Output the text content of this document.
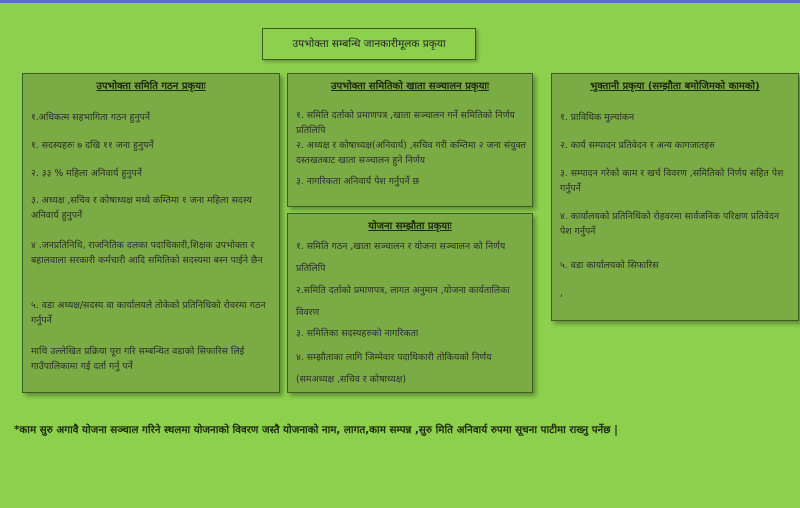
उपभोक्ता सम्बन्धि जानकारीमूलक प्रकृया
उपभोक्ता समिति गठन प्रकृयाः
१.अधिकत्म सहभागिता गठन हुनुपर्ने
१. सदस्यहरुः ७ दखि ११ जना हुनुपर्ने
२. ३३ % महिला अनिवार्य हुनुपर्ने
३. अध्यक्ष ,सचिव र कोषाध्यक्ष मध्ये कम्तिमा १ जना महिला सदस्य अनिवार्य हुनुपर्ने
४ .जनप्रतिनिधि, राजनितिक दलका पदाधिकारी,शिक्षक उपभोक्ता र बहालवाला सरकारी कर्मचारी आदि समितिको सदस्यमा बस्न पाईने छैन
५. वडा अध्यक्ष/सदस्य वा कार्यालयले तोकेको प्रतिनिधिको रोवरमा गठन गर्नुपर्ने
माथि उल्लेखित प्रक्रिया पूरा गरि सम्बन्धित वडाको सिफारिस लिई गाउँपालिकामा गई दर्ता गर्नु पर्ने
उपभोक्ता समितिको खाता सञ्चालन प्रकृयाः
१. समिति दर्ताको प्रमाणपत्र ,खाता सञ्चालन गर्ने समितिको निर्णय प्रतिलिपि
२. अध्यक्ष र कोषाध्यक्ष(अनिवार्य) ,सचिव गरी कम्तिमा २ जना संयुक्त दस्तखतबाट खाता सञ्चालन हुने निर्णय
३. नागरिकता अनिवार्य पेश गर्नुपर्ने छ
योजना सम्झौता प्रकृयाः
१. समिति गठन ,खाता सञ्चालन र योजना सञ्चालन को निर्णय प्रतिलिपि
२.समिति दर्ताको प्रमाणपत्र, लागत अनुमान ,योजना कार्यतालिका विवरण
३. समितिका सदस्यहरुको नागरिकता
४. सम्झौताका लागि जिम्मेवार पदाधिकारी तोकियको निर्णय (समअध्यक्ष ,सचिव र कोषाध्यक्ष)
भुक्तानी प्रकृया (सम्झौता बमोजिमको कामको)
१. प्राविधिक मुल्यांकन
२. कार्य सम्पादन प्रतिवेदन र अन्य कागजातहरु
३. सम्पादन गरेको काम र खर्च विवरण ,समितिको निर्णय सहित पेश गर्नुपर्ने
४. कार्यालयको प्रतिनिधिको रोहवरमा सार्वजनिक परिक्षण प्रतिवेदन पेश गर्नुपर्ने
५. वडा कार्यालयको सिफारिस
,
*काम सुरु अगावै योजना सञ्चाल गरिने स्थलमा योजनाको विवरण जस्तै योजनाको नाम, लागत,काम सम्पन्न ,सुरु मिति अनिवार्य रुपमा सूचना पाटीमा राख्नु पर्नेछ |
